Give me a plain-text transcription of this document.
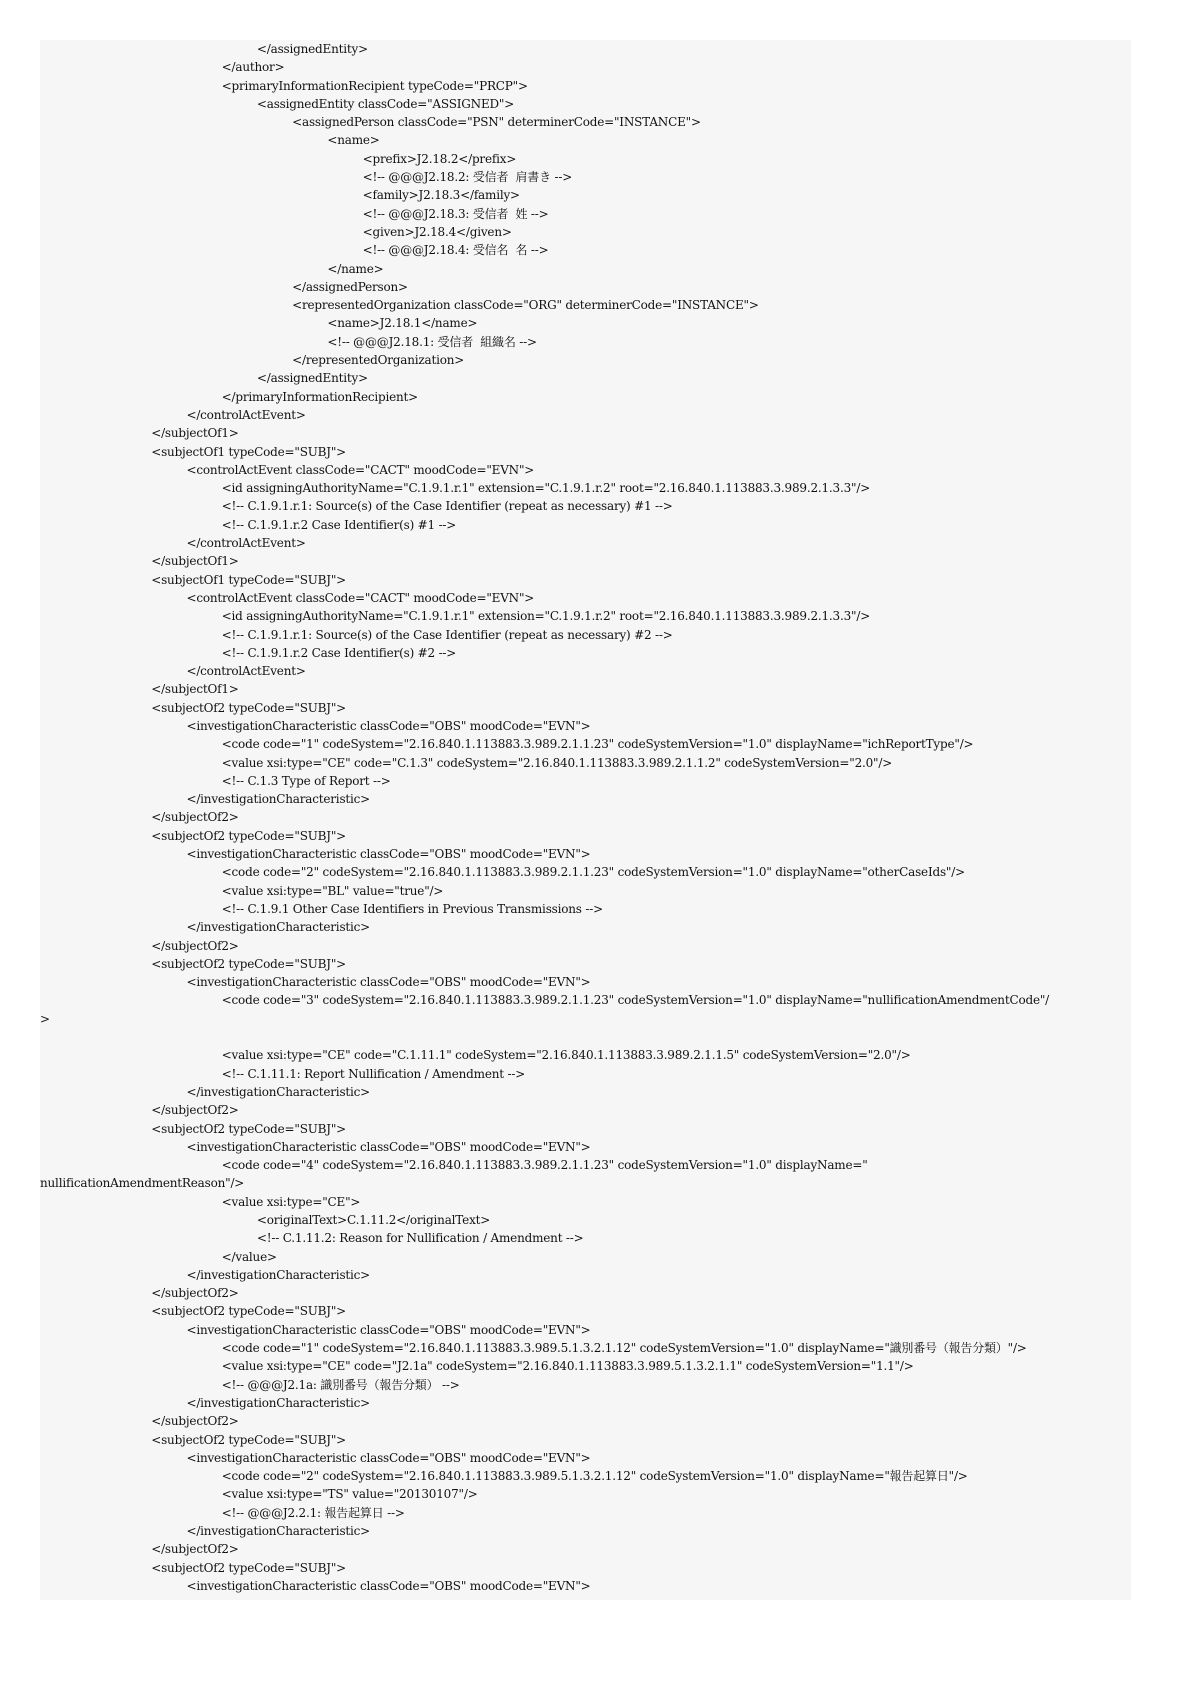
</assignedEntity>
</author>
<primaryInformationRecipient typeCode="PRCP">
<assignedEntity classCode="ASSIGNED">
<assignedPerson classCode="PSN" determinerCode="INSTANCE">
<name>
<prefix>J2.18.2</prefix>
<!-- @@@J2.18.2: 受信者  肩書き -->
<family>J2.18.3</family>
<!-- @@@J2.18.3: 受信者  姓 -->
<given>J2.18.4</given>
<!-- @@@J2.18.4: 受信名  名 -->
</name>
</assignedPerson>
<representedOrganization classCode="ORG" determinerCode="INSTANCE">
<name>J2.18.1</name>
<!-- @@@J2.18.1: 受信者  組織名 -->
</representedOrganization>
</assignedEntity>
</primaryInformationRecipient>
</controlActEvent>
</subjectOf1>
<subjectOf1 typeCode="SUBJ">
<controlActEvent classCode="CACT" moodCode="EVN">
<id assigningAuthorityName="C.1.9.1.r.1" extension="C.1.9.1.r.2" root="2.16.840.1.113883.3.989.2.1.3.3"/>
<!-- C.1.9.1.r.1: Source(s) of the Case Identifier (repeat as necessary) #1 -->
<!-- C.1.9.1.r.2 Case Identifier(s) #1 -->
</controlActEvent>
</subjectOf1>
<subjectOf1 typeCode="SUBJ">
<controlActEvent classCode="CACT" moodCode="EVN">
<id assigningAuthorityName="C.1.9.1.r.1" extension="C.1.9.1.r.2" root="2.16.840.1.113883.3.989.2.1.3.3"/>
<!-- C.1.9.1.r.1: Source(s) of the Case Identifier (repeat as necessary) #2 -->
<!-- C.1.9.1.r.2 Case Identifier(s) #2 -->
</controlActEvent>
</subjectOf1>
<subjectOf2 typeCode="SUBJ">
<investigationCharacteristic classCode="OBS" moodCode="EVN">
<code code="1" codeSystem="2.16.840.1.113883.3.989.2.1.1.23" codeSystemVersion="1.0" displayName="ichReportType"/>
<value xsi:type="CE" code="C.1.3" codeSystem="2.16.840.1.113883.3.989.2.1.1.2" codeSystemVersion="2.0"/>
<!-- C.1.3 Type of Report -->
</investigationCharacteristic>
</subjectOf2>
<subjectOf2 typeCode="SUBJ">
<investigationCharacteristic classCode="OBS" moodCode="EVN">
<code code="2" codeSystem="2.16.840.1.113883.3.989.2.1.1.23" codeSystemVersion="1.0" displayName="otherCaseIds"/>
<value xsi:type="BL" value="true"/>
<!-- C.1.9.1 Other Case Identifiers in Previous Transmissions -->
</investigationCharacteristic>
</subjectOf2>
<subjectOf2 typeCode="SUBJ">
<investigationCharacteristic classCode="OBS" moodCode="EVN">
<code code="3" codeSystem="2.16.840.1.113883.3.989.2.1.1.23" codeSystemVersion="1.0" displayName="nullificationAmendmentCode"/
>
<value xsi:type="CE" code="C.1.11.1" codeSystem="2.16.840.1.113883.3.989.2.1.1.5" codeSystemVersion="2.0"/>
<!-- C.1.11.1: Report Nullification / Amendment -->
</investigationCharacteristic>
</subjectOf2>
<subjectOf2 typeCode="SUBJ">
<investigationCharacteristic classCode="OBS" moodCode="EVN">
<code code="4" codeSystem="2.16.840.1.113883.3.989.2.1.1.23" codeSystemVersion="1.0" displayName="
nullificationAmendmentReason"/>
<value xsi:type="CE">
<originalText>C.1.11.2</originalText>
<!-- C.1.11.2: Reason for Nullification / Amendment -->
</value>
</investigationCharacteristic>
</subjectOf2>
<subjectOf2 typeCode="SUBJ">
<investigationCharacteristic classCode="OBS" moodCode="EVN">
<code code="1" codeSystem="2.16.840.1.113883.3.989.5.1.3.2.1.12" codeSystemVersion="1.0" displayName="識別番号（報告分類）"/>
<value xsi:type="CE" code="J2.1a" codeSystem="2.16.840.1.113883.3.989.5.1.3.2.1.1" codeSystemVersion="1.1"/>
<!-- @@@J2.1a: 識別番号（報告分類） -->
</investigationCharacteristic>
</subjectOf2>
<subjectOf2 typeCode="SUBJ">
<investigationCharacteristic classCode="OBS" moodCode="EVN">
<code code="2" codeSystem="2.16.840.1.113883.3.989.5.1.3.2.1.12" codeSystemVersion="1.0" displayName="報告起算日"/>
<value xsi:type="TS" value="20130107"/>
<!-- @@@J2.2.1: 報告起算日 -->
</investigationCharacteristic>
</subjectOf2>
<subjectOf2 typeCode="SUBJ">
<investigationCharacteristic classCode="OBS" moodCode="EVN">
